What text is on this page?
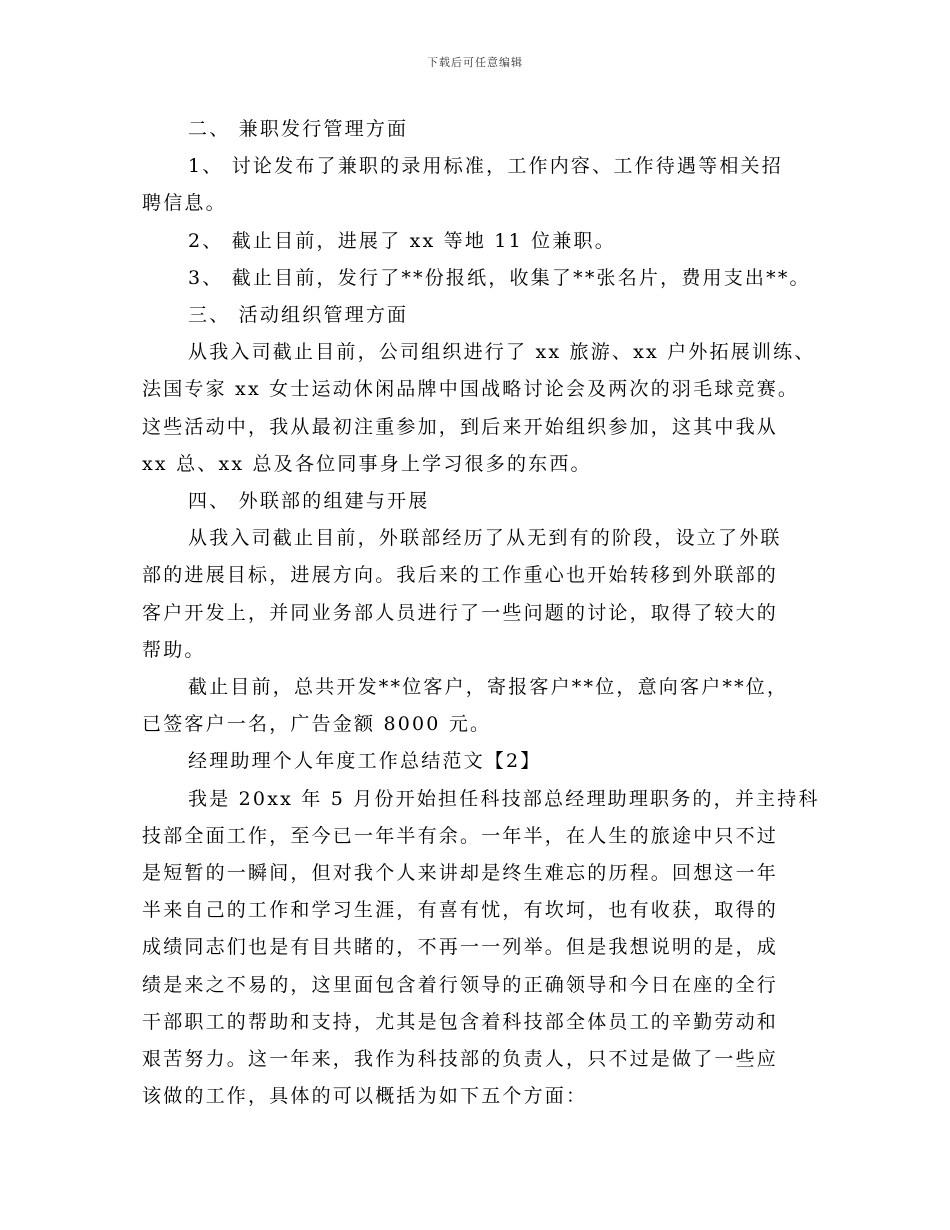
下载后可任意编辑
二、 兼职发行管理方面
1、 讨论发布了兼职的录用标准，工作内容、工作待遇等相关招
聘信息。
2、 截止目前，进展了 xx 等地 11 位兼职。
3、 截止目前，发行了**份报纸，收集了**张名片，费用支出**。
三、 活动组织管理方面
从我入司截止目前，公司组织进行了 xx 旅游、xx 户外拓展训练、
法国专家 xx 女士运动休闲品牌中国战略讨论会及两次的羽毛球竞赛。
这些活动中，我从最初注重参加，到后来开始组织参加，这其中我从
xx 总、xx 总及各位同事身上学习很多的东西。
四、 外联部的组建与开展
从我入司截止目前，外联部经历了从无到有的阶段，设立了外联
部的进展目标，进展方向。我后来的工作重心也开始转移到外联部的
客户开发上，并同业务部人员进行了一些问题的讨论，取得了较大的
帮助。
截止目前，总共开发**位客户，寄报客户**位，意向客户**位，
已签客户一名，广告金额 8000 元。
经理助理个人年度工作总结范文【2】
我是 20xx 年 5 月份开始担任科技部总经理助理职务的，并主持科
技部全面工作，至今已一年半有余。一年半，在人生的旅途中只不过
是短暂的一瞬间，但对我个人来讲却是终生难忘的历程。回想这一年
半来自己的工作和学习生涯，有喜有忧，有坎坷，也有收获，取得的
成绩同志们也是有目共睹的，不再一一列举。但是我想说明的是，成
绩是来之不易的，这里面包含着行领导的正确领导和今日在座的全行
干部职工的帮助和支持，尤其是包含着科技部全体员工的辛勤劳动和
艰苦努力。这一年来，我作为科技部的负责人，只不过是做了一些应
该做的工作，具体的可以概括为如下五个方面：
